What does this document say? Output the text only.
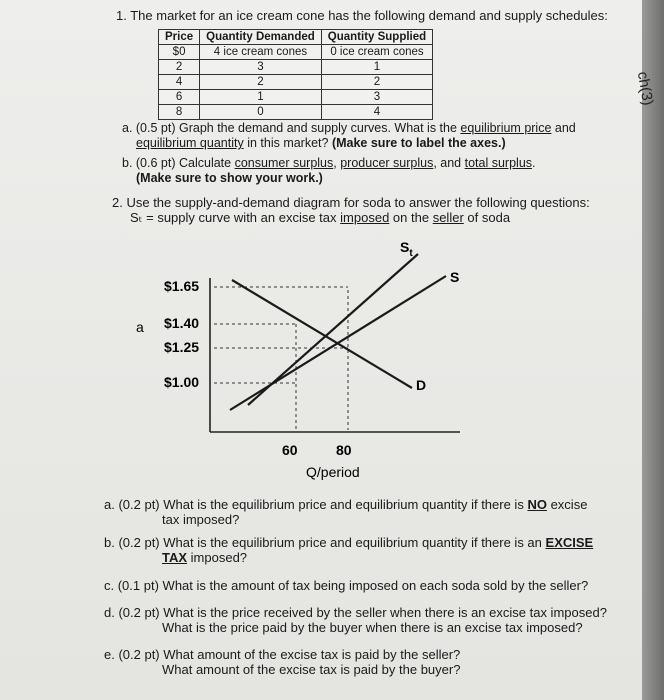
1. The market for an ice cream cone has the following demand and supply schedules:
Price	Quantity Demanded	Quantity Supplied
$0	4 ice cream cones	0 ice cream cones
2	3	1
4	2	2
6	1	3
8	0	4
a. (0.5 pt) Graph the demand and supply curves. What is the equilibrium price and
equilibrium quantity in this market? (Make sure to label the axes.)
b. (0.6 pt) Calculate consumer surplus, producer surplus, and total surplus.
(Make sure to show your work.)
2. Use the supply-and-demand diagram for soda to answer the following questions:
Sₜ = supply curve with an excise tax imposed on the seller of soda
$S_t$
S
D
$1.65
$1.40
$1.25
$1.00
a
60	80
Q/period
a. (0.2 pt) What is the equilibrium price and equilibrium quantity if there is NO excise
tax imposed?
b. (0.2 pt) What is the equilibrium price and equilibrium quantity if there is an EXCISE
TAX imposed?
c. (0.1 pt) What is the amount of tax being imposed on each soda sold by the seller?
d. (0.2 pt) What is the price received by the seller when there is an excise tax imposed?
What is the price paid by the buyer when there is an excise tax imposed?
e. (0.2 pt) What amount of the excise tax is paid by the seller?
What amount of the excise tax is paid by the buyer?
ch(3)
